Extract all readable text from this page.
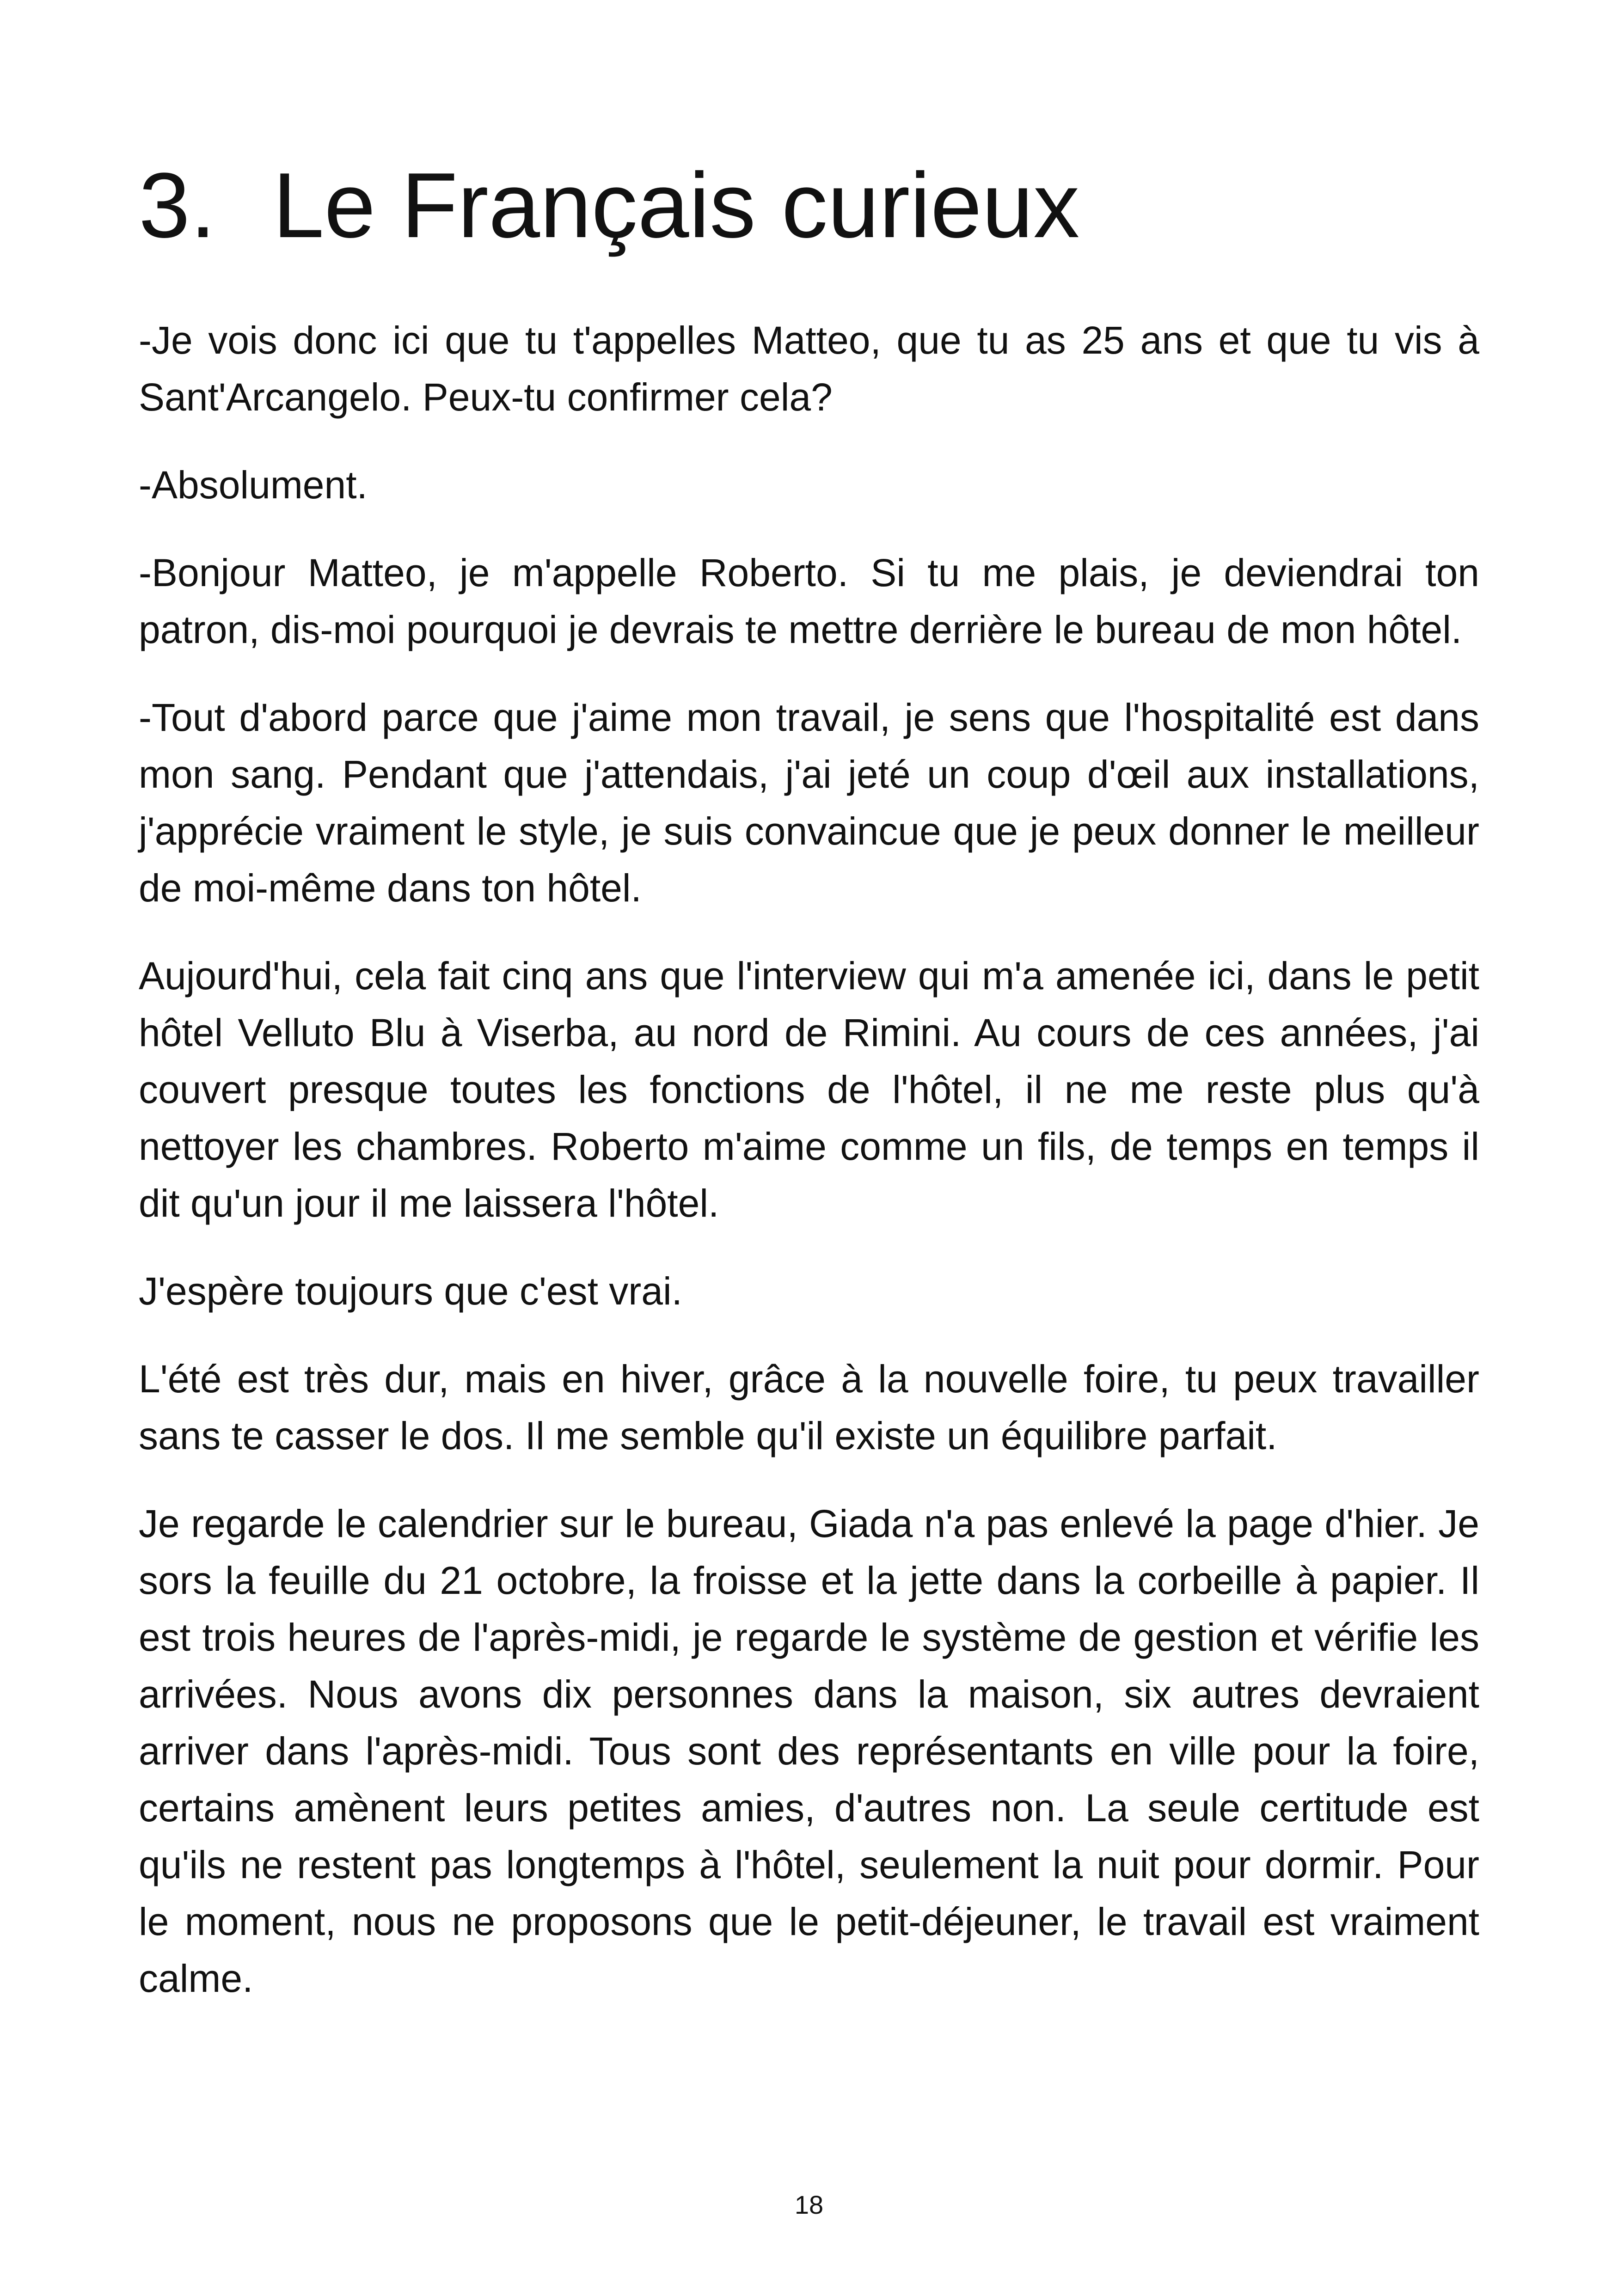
3. Le Français curieux

-Je vois donc ici que tu t'appelles Matteo, que tu as 25 ans et que tu vis à Sant'Arcangelo. Peux-tu confirmer cela?

-Absolument.

-Bonjour Matteo, je m'appelle Roberto. Si tu me plais, je deviendrai ton patron, dis-moi pourquoi je devrais te mettre derrière le bureau de mon hôtel.

-Tout d'abord parce que j'aime mon travail, je sens que l'hospitalité est dans mon sang. Pendant que j'attendais, j'ai jeté un coup d'œil aux installations, j'apprécie vraiment le style, je suis convaincue que je peux donner le meilleur de moi-même dans ton hôtel.

Aujourd'hui, cela fait cinq ans que l'interview qui m'a amenée ici, dans le petit hôtel Velluto Blu à Viserba, au nord de Rimini. Au cours de ces années, j'ai couvert presque toutes les fonctions de l'hôtel, il ne me reste plus qu'à nettoyer les chambres. Roberto m'aime comme un fils, de temps en temps il dit qu'un jour il me laissera l'hôtel.

J'espère toujours que c'est vrai.

L'été est très dur, mais en hiver, grâce à la nouvelle foire, tu peux travailler sans te casser le dos. Il me semble qu'il existe un équilibre parfait.

Je regarde le calendrier sur le bureau, Giada n'a pas enlevé la page d'hier. Je sors la feuille du 21 octobre, la froisse et la jette dans la corbeille à papier. Il est trois heures de l'après-midi, je regarde le système de gestion et vérifie les arrivées. Nous avons dix personnes dans la maison, six autres devraient arriver dans l'après-midi. Tous sont des représentants en ville pour la foire, certains amènent leurs petites amies, d'autres non. La seule certitude est qu'ils ne restent pas longtemps à l'hôtel, seulement la nuit pour dormir. Pour le moment, nous ne proposons que le petit-déjeuner, le travail est vraiment calme.

18
